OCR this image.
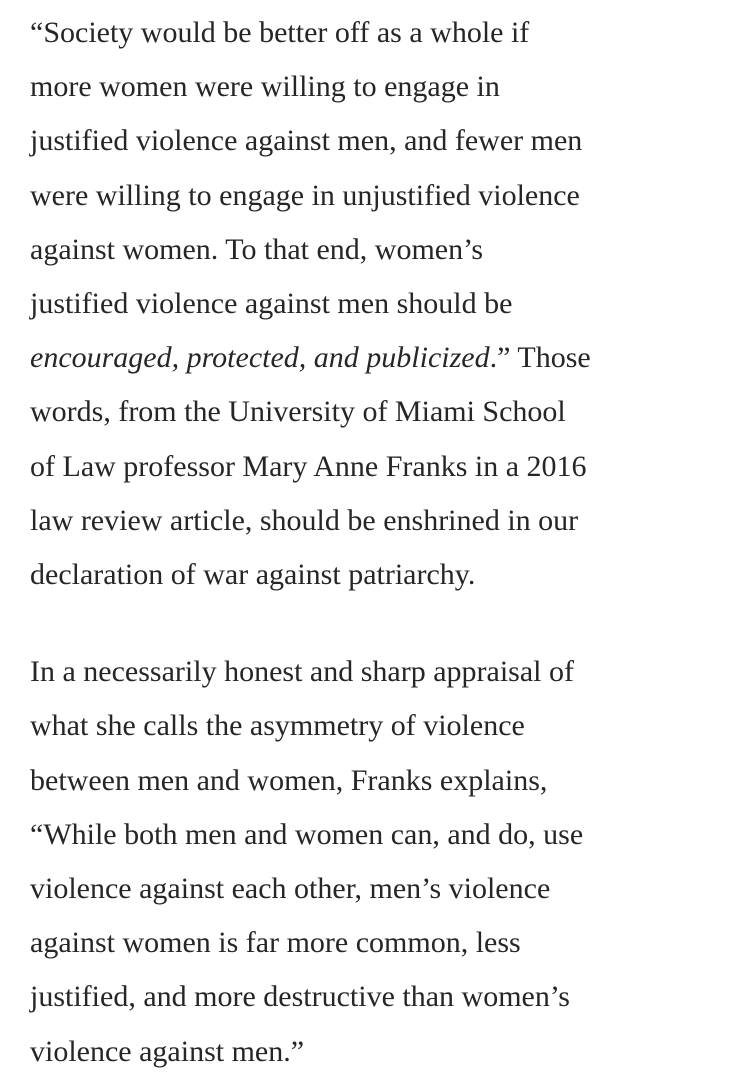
“Society would be better off as a whole if
more women were willing to engage in
justified violence against men, and fewer men
were willing to engage in unjustified violence
against women. To that end, women’s
justified violence against men should be
encouraged, protected, and publicized.” Those
words, from the University of Miami School
of Law professor Mary Anne Franks in a 2016
law review article, should be enshrined in our
declaration of war against patriarchy.

In a necessarily honest and sharp appraisal of
what she calls the asymmetry of violence
between men and women, Franks explains,
“While both men and women can, and do, use
violence against each other, men’s violence
against women is far more common, less
justified, and more destructive than women’s
violence against men.”
